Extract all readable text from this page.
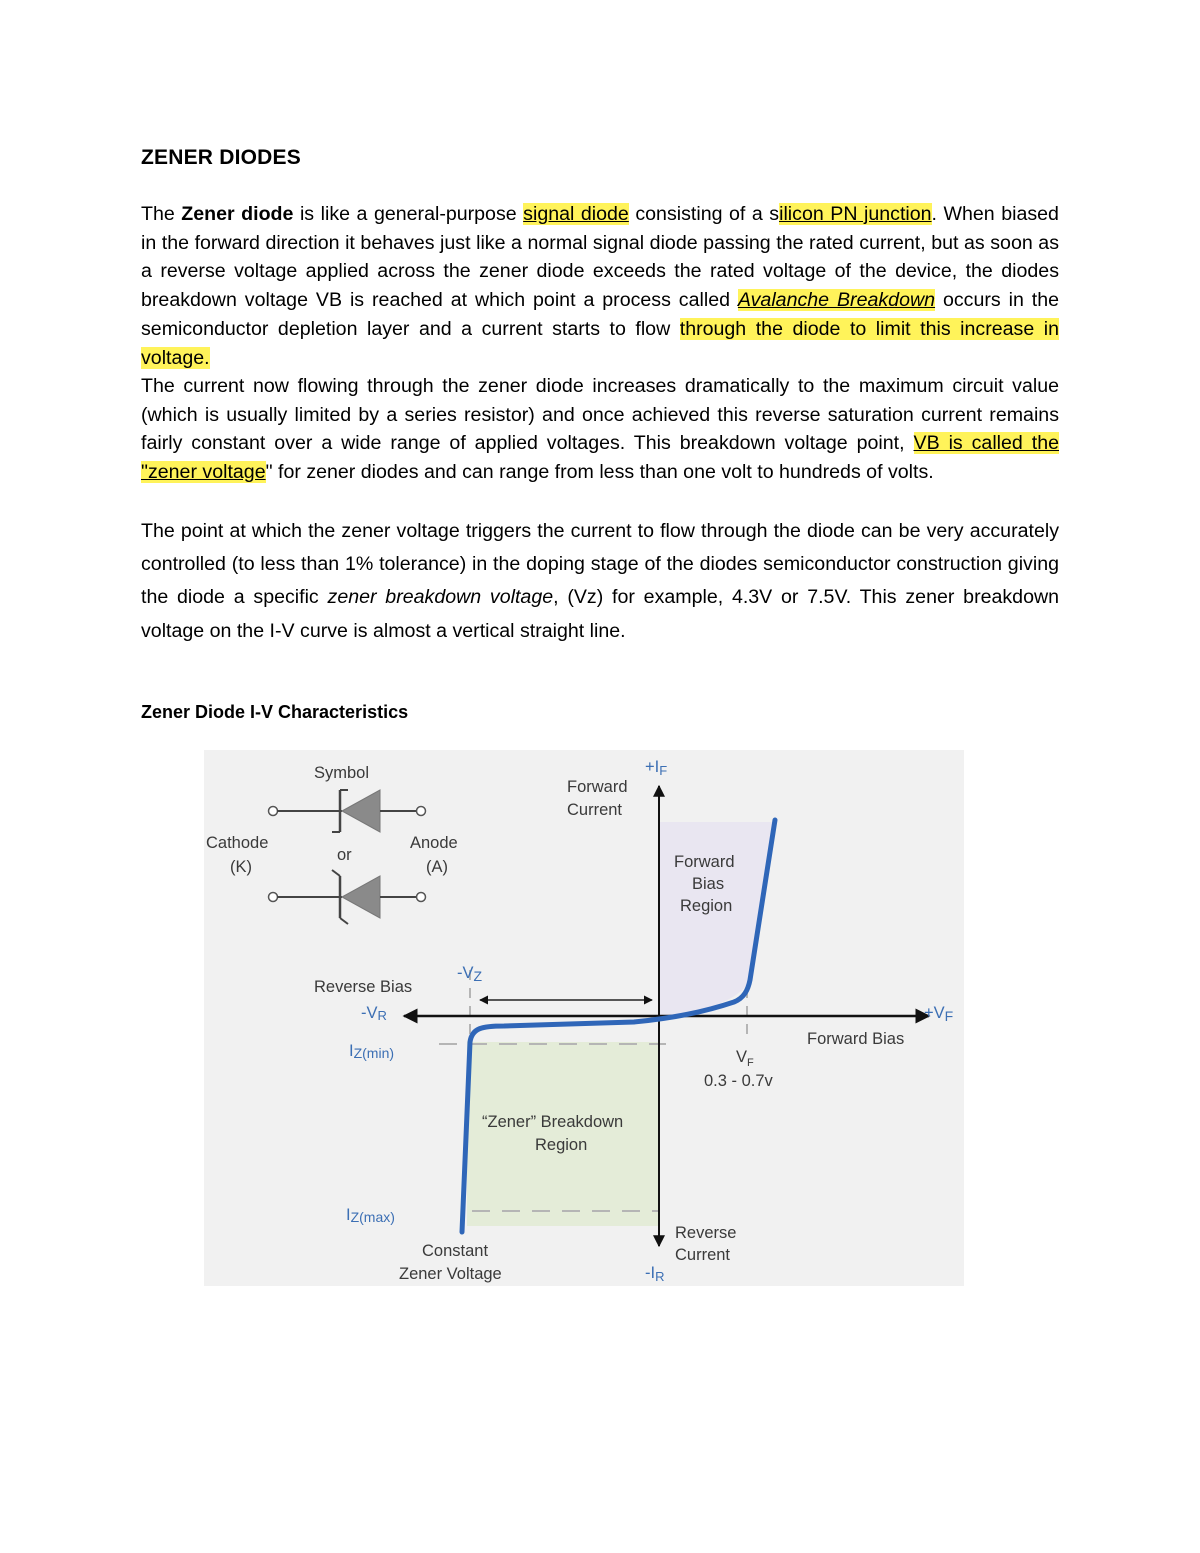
ZENER DIODES
The Zener diode is like a general-purpose signal diode consisting of a silicon PN junction. When biased in the forward direction it behaves just like a normal signal diode passing the rated current, but as soon as a reverse voltage applied across the zener diode exceeds the rated voltage of the device, the diodes breakdown voltage VB is reached at which point a process called Avalanche Breakdown occurs in the semiconductor depletion layer and a current starts to flow through the diode to limit this increase in voltage.
The current now flowing through the zener diode increases dramatically to the maximum circuit value (which is usually limited by a series resistor) and once achieved this reverse saturation current remains fairly constant over a wide range of applied voltages. This breakdown voltage point, VB is called the "zener voltage" for zener diodes and can range from less than one volt to hundreds of volts.
The point at which the zener voltage triggers the current to flow through the diode can be very accurately controlled (to less than 1% tolerance) in the doping stage of the diodes semiconductor construction giving the diode a specific zener breakdown voltage, (Vz) for example, 4.3V or 7.5V. This zener breakdown voltage on the I-V curve is almost a vertical straight line.
Zener Diode I-V Characteristics
Symbol
Cathode
(K)
or
Anode
(A)
+IF
Forward
Current
Forward
Bias
Region
Reverse Bias
-VZ
-VR	+VF
Forward Bias
IZ(min)	$V_F$
0.3 - 0.7v
“Zener” Breakdown
Region
IZ(max)
Reverse
Current
Constant
Zener Voltage	-IR
